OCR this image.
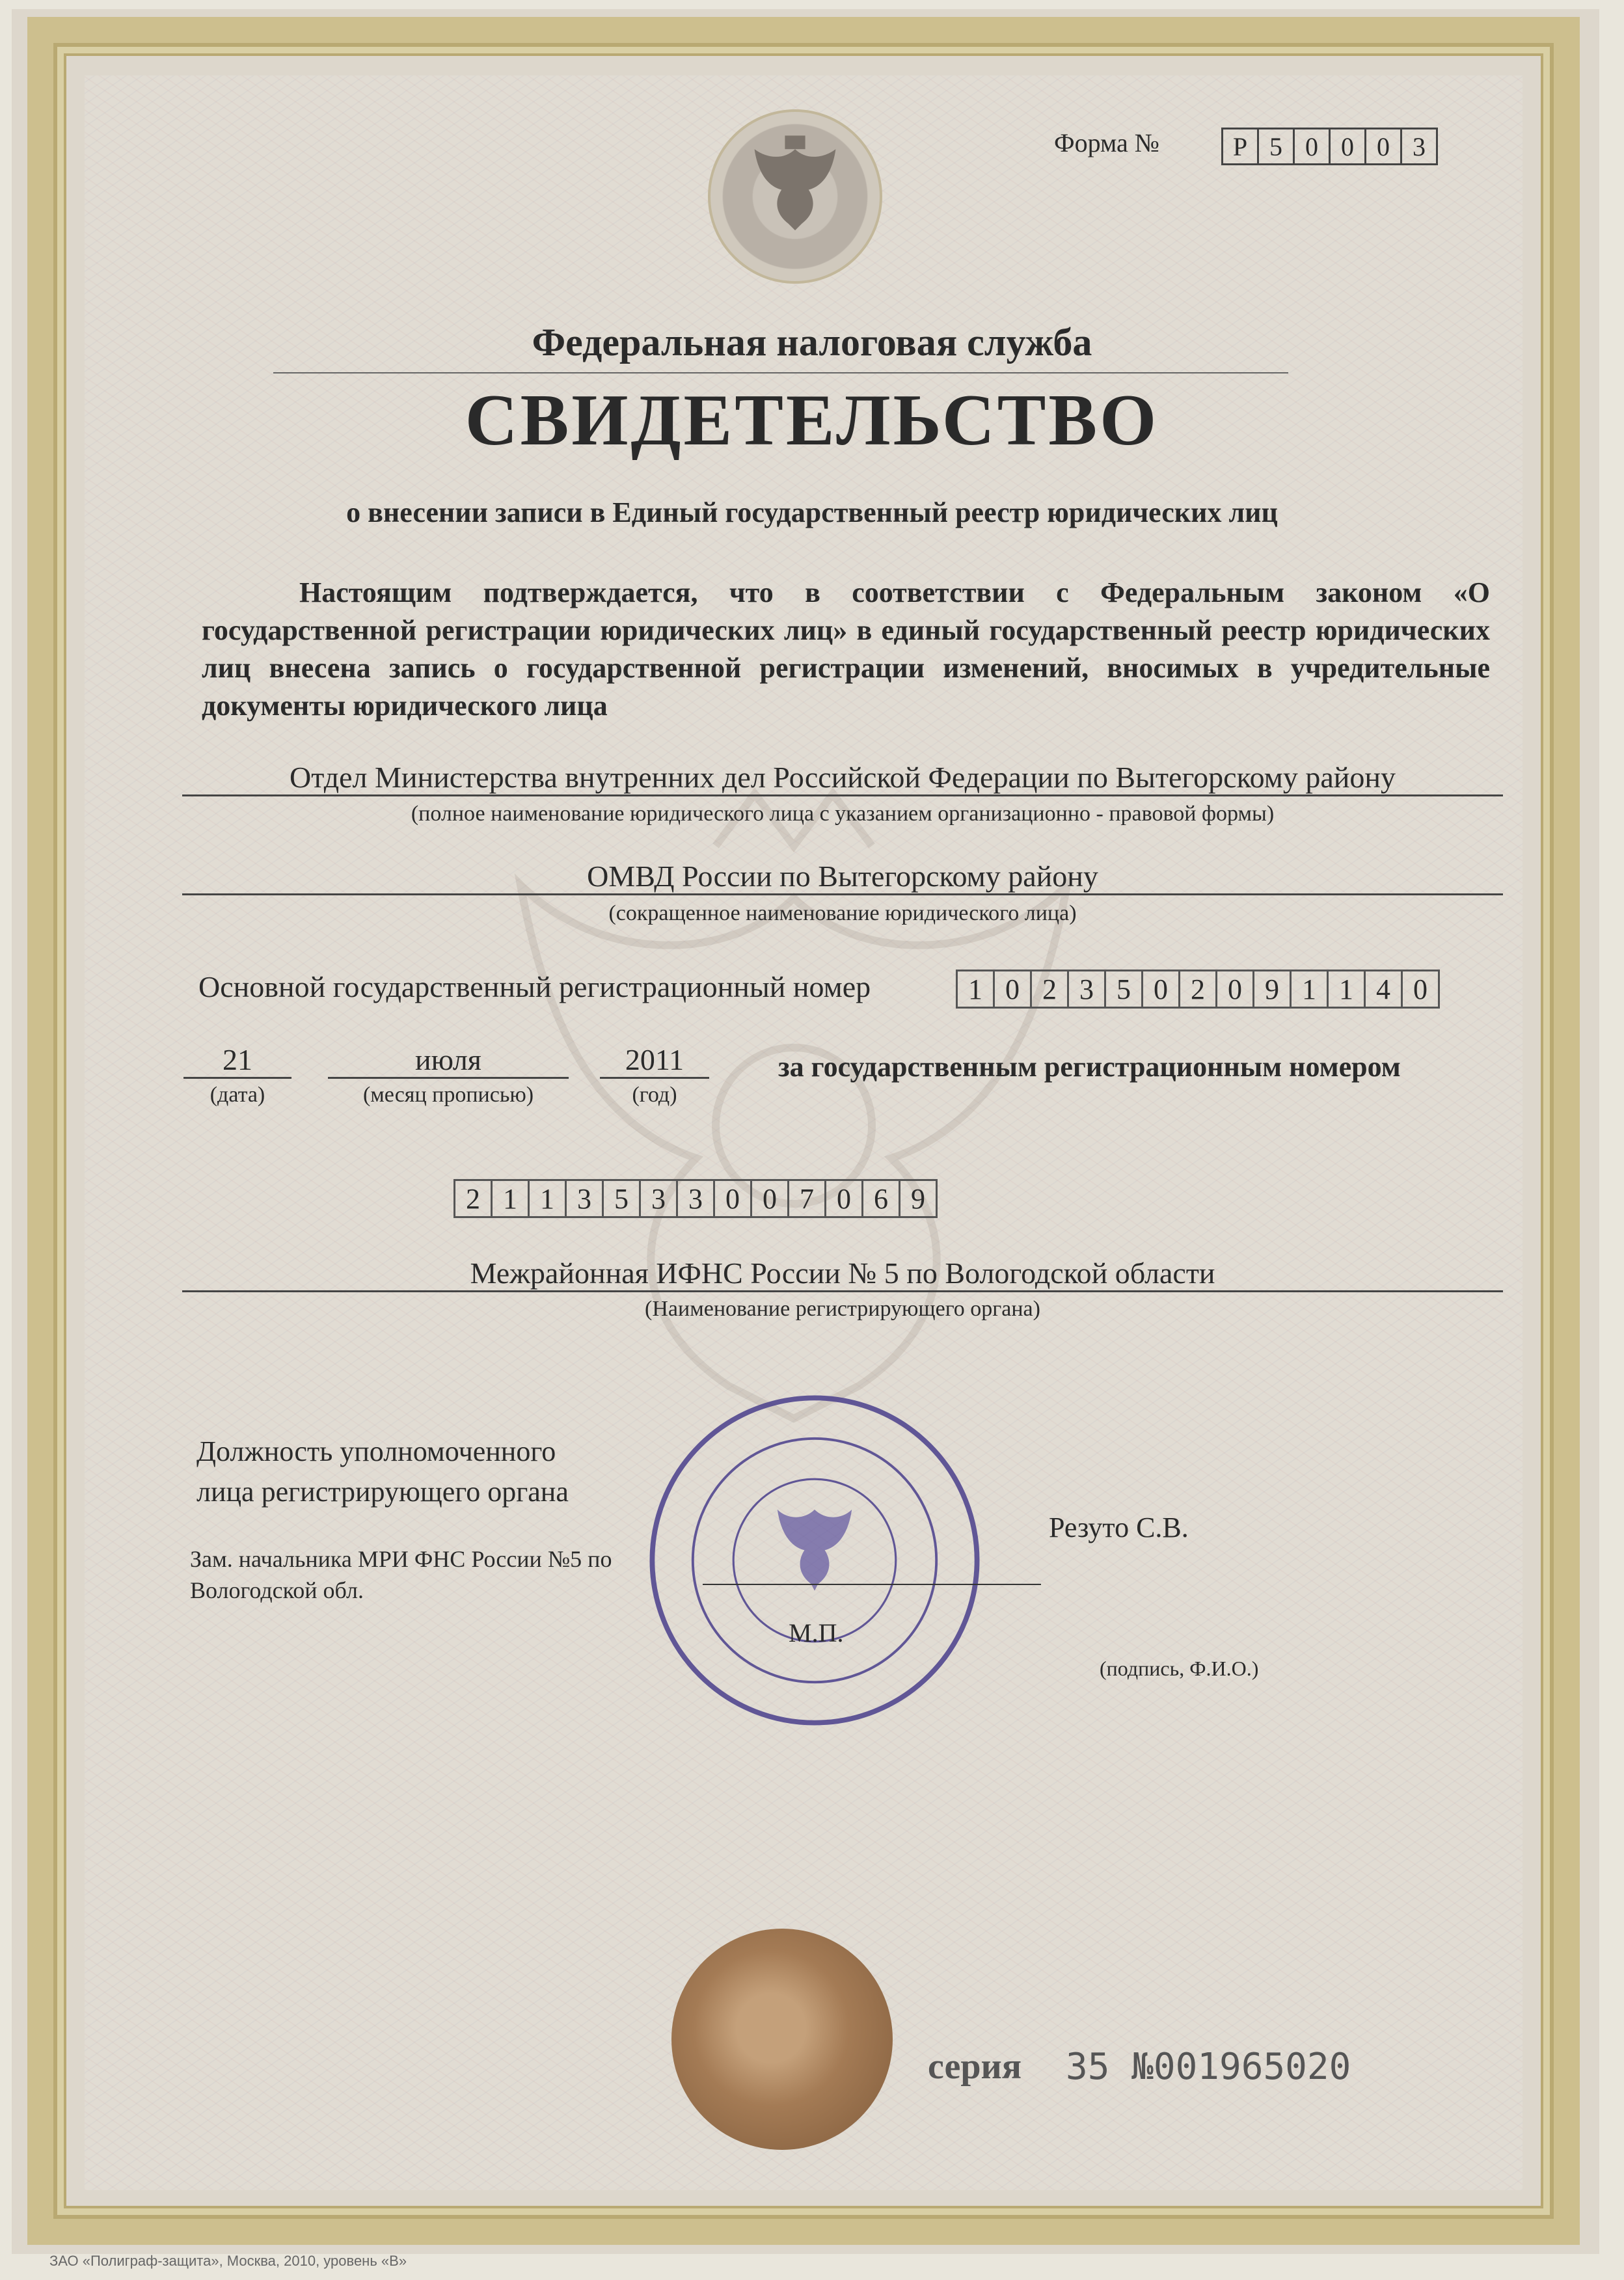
Форма №	Р 5 0 0 0 3
Федеральная налоговая служба
СВИДЕТЕЛЬСТВО
о внесении записи в Единый государственный реестр юридических лиц

Настоящим подтверждается, что в соответствии с Федеральным законом «О государственной регистрации юридических лиц» в единый государственный реестр юридических лиц внесена запись о государственной регистрации изменений, вносимых в учредительные документы юридического лица

Отдел Министерства внутренних дел Российской Федерации по Вытегорскому району
(полное наименование юридического лица с указанием организационно - правовой формы)
ОМВД России по Вытегорскому району
(сокращенное наименование юридического лица)
Основной государственный регистрационный номер	1 0 2 3 5 0 2 0 9 1 1 4 0
21	июля	2011
(дата)	(месяц прописью)	(год)
за государственным регистрационным номером
2 1 1 3 5 3 3 0 0 7 0 6 9
Межрайонная ИФНС России № 5 по Вологодской области
(Наименование регистрирующего органа)
Должность уполномоченного
лица регистрирующего органа
Зам. начальника МРИ ФНС России №5 по
Вологодской обл.
М.П.
Резуто С.В.
(подпись, Ф.И.О.)
серия 35 №001965020
ЗАО «Полиграф-защита», Москва, 2010, уровень «В»
